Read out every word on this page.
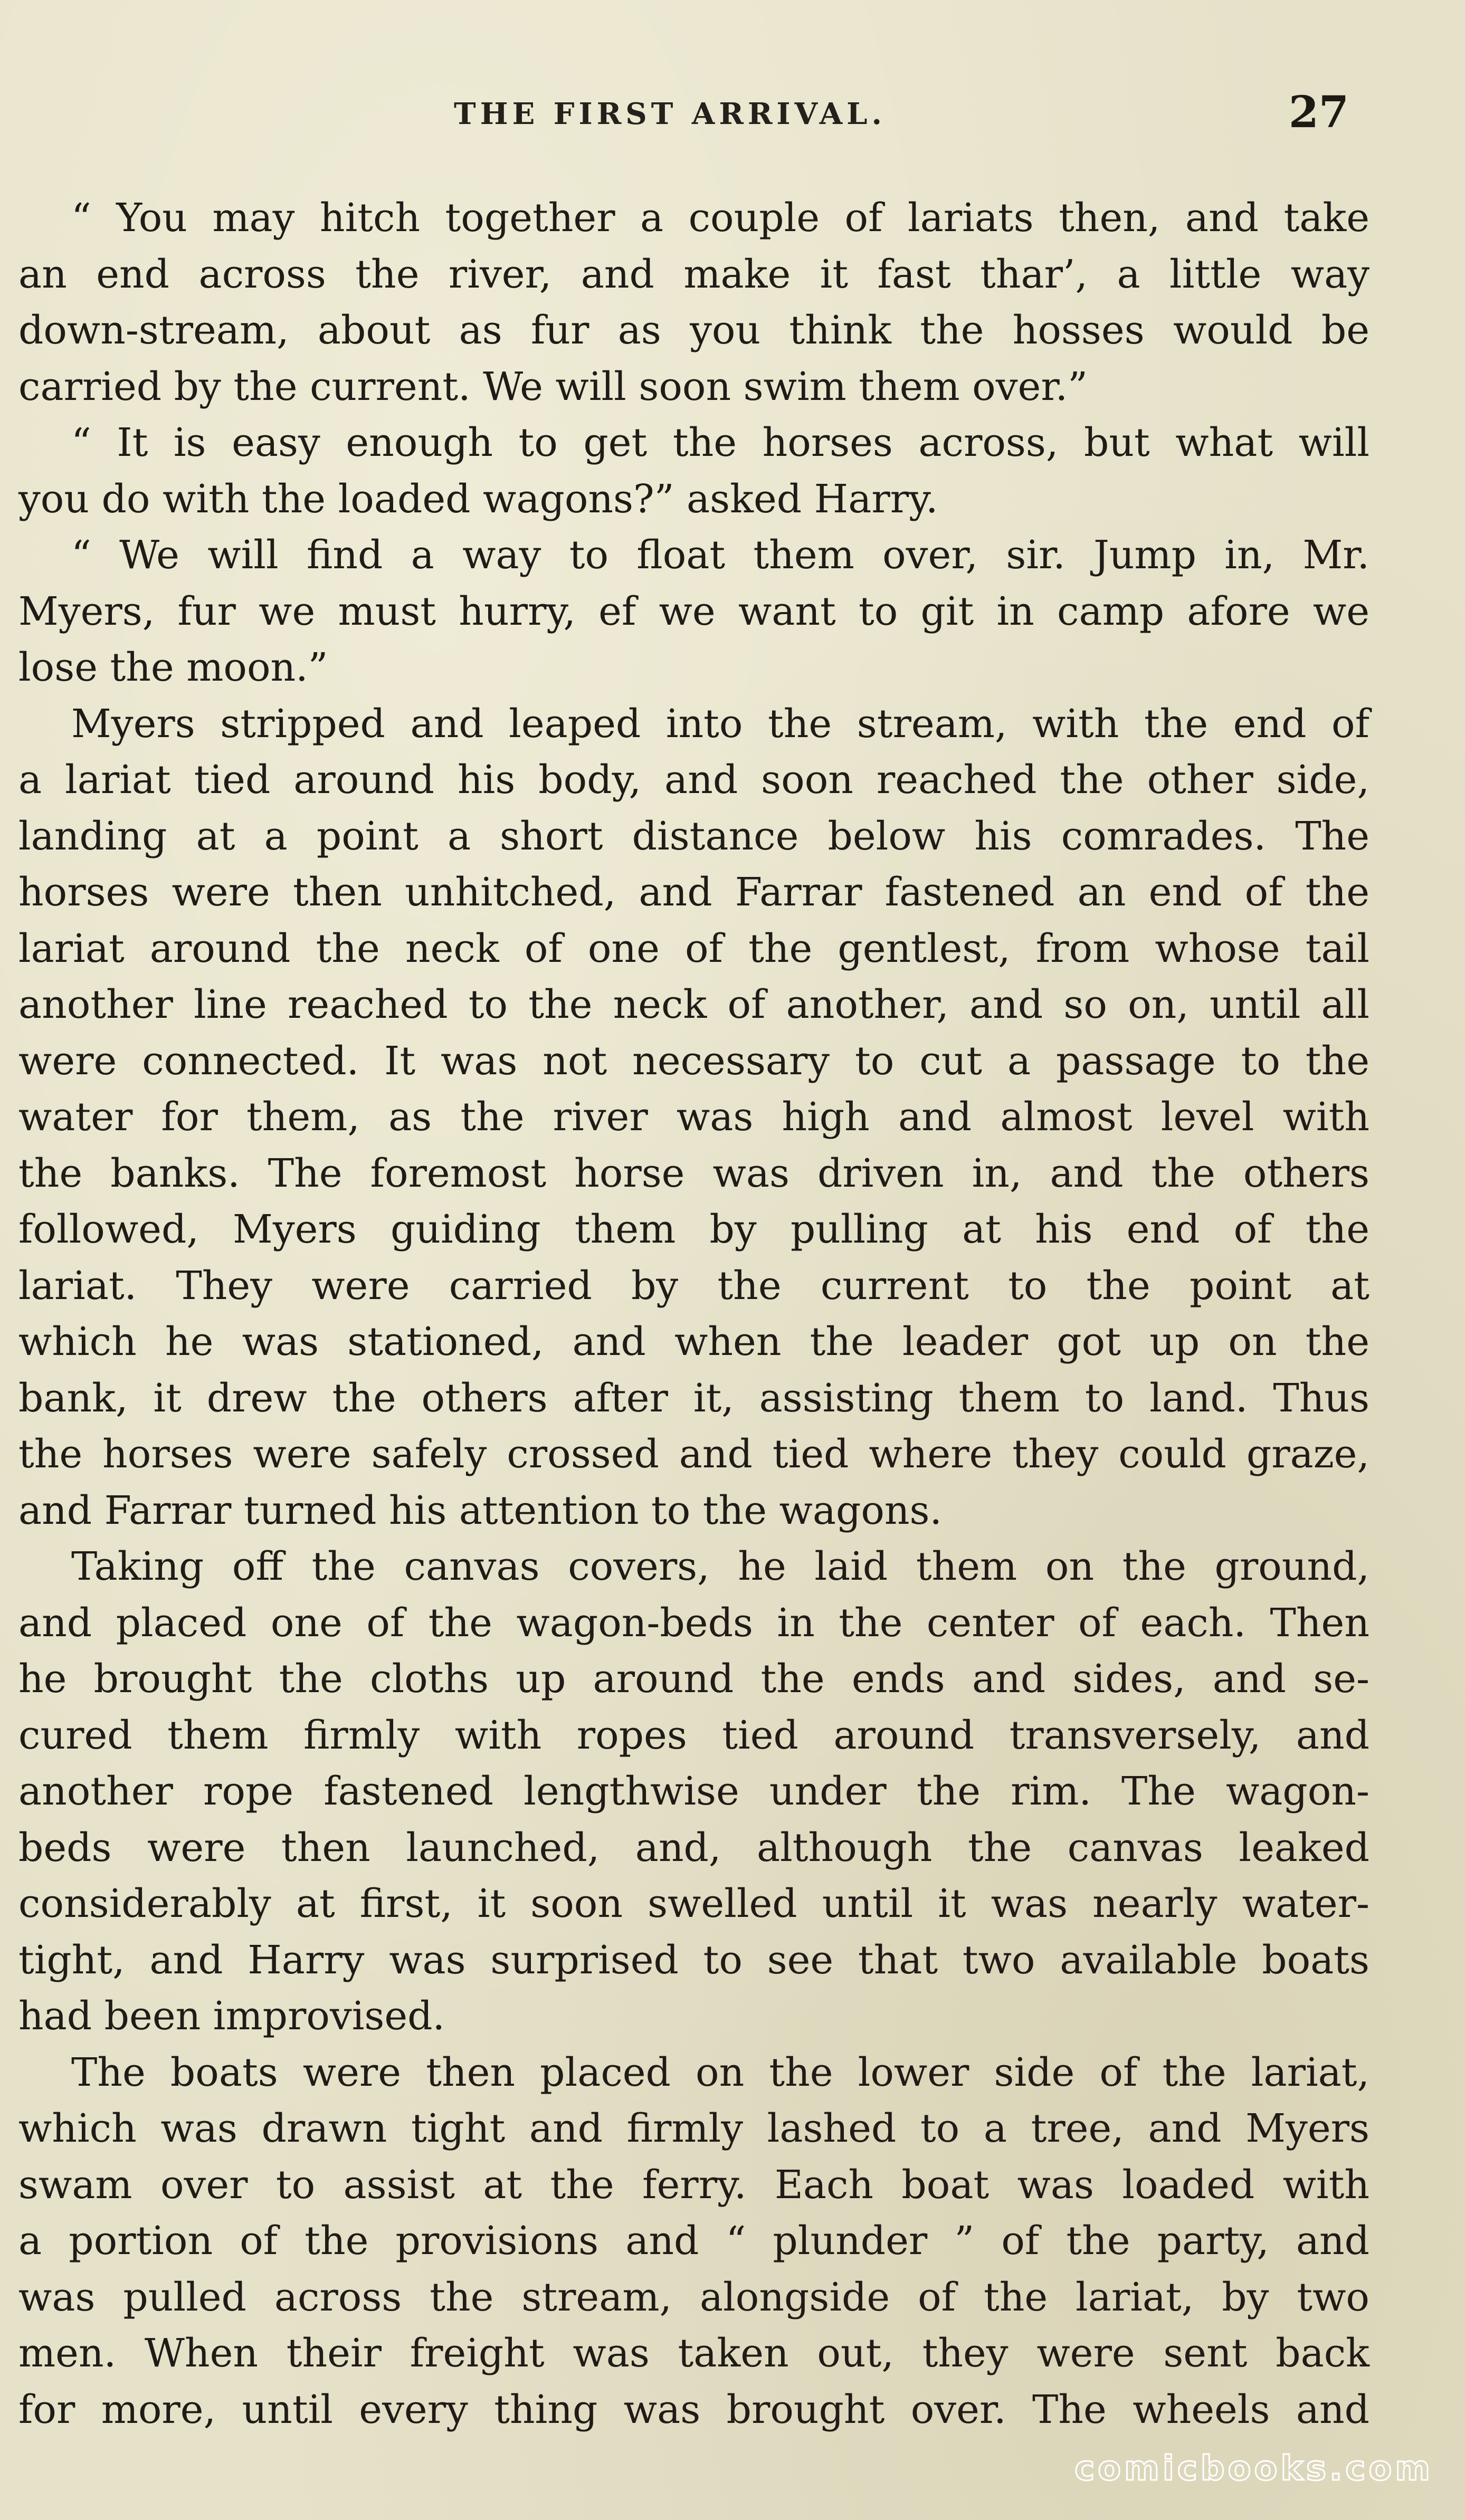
THE FIRST ARRIVAL.	27
“ You may hitch together a couple of lariats then, and take
an end across the river, and make it fast thar’, a little way
down-stream, about as fur as you think the hosses would be
carried by the current. We will soon swim them over.”
“ It is easy enough to get the horses across, but what will
you do with the loaded wagons?” asked Harry.
“ We will find a way to float them over, sir. Jump in, Mr.
Myers, fur we must hurry, ef we want to git in camp afore we
lose the moon.”
Myers stripped and leaped into the stream, with the end of
a lariat tied around his body, and soon reached the other side,
landing at a point a short distance below his comrades. The
horses were then unhitched, and Farrar fastened an end of the
lariat around the neck of one of the gentlest, from whose tail
another line reached to the neck of another, and so on, until all
were connected. It was not necessary to cut a passage to the
water for them, as the river was high and almost level with
the banks. The foremost horse was driven in, and the others
followed, Myers guiding them by pulling at his end of the
lariat. They were carried by the current to the point at
which he was stationed, and when the leader got up on the
bank, it drew the others after it, assisting them to land. Thus
the horses were safely crossed and tied where they could graze,
and Farrar turned his attention to the wagons.
Taking off the canvas covers, he laid them on the ground,
and placed one of the wagon-beds in the center of each. Then
he brought the cloths up around the ends and sides, and se-
cured them firmly with ropes tied around transversely, and
another rope fastened lengthwise under the rim. The wagon-
beds were then launched, and, although the canvas leaked
considerably at first, it soon swelled until it was nearly water-
tight, and Harry was surprised to see that two available boats
had been improvised.
The boats were then placed on the lower side of the lariat,
which was drawn tight and firmly lashed to a tree, and Myers
swam over to assist at the ferry. Each boat was loaded with
a portion of the provisions and “ plunder ” of the party, and
was pulled across the stream, alongside of the lariat, by two
men. When their freight was taken out, they were sent back
for more, until every thing was brought over. The wheels and
comicbooks.com
